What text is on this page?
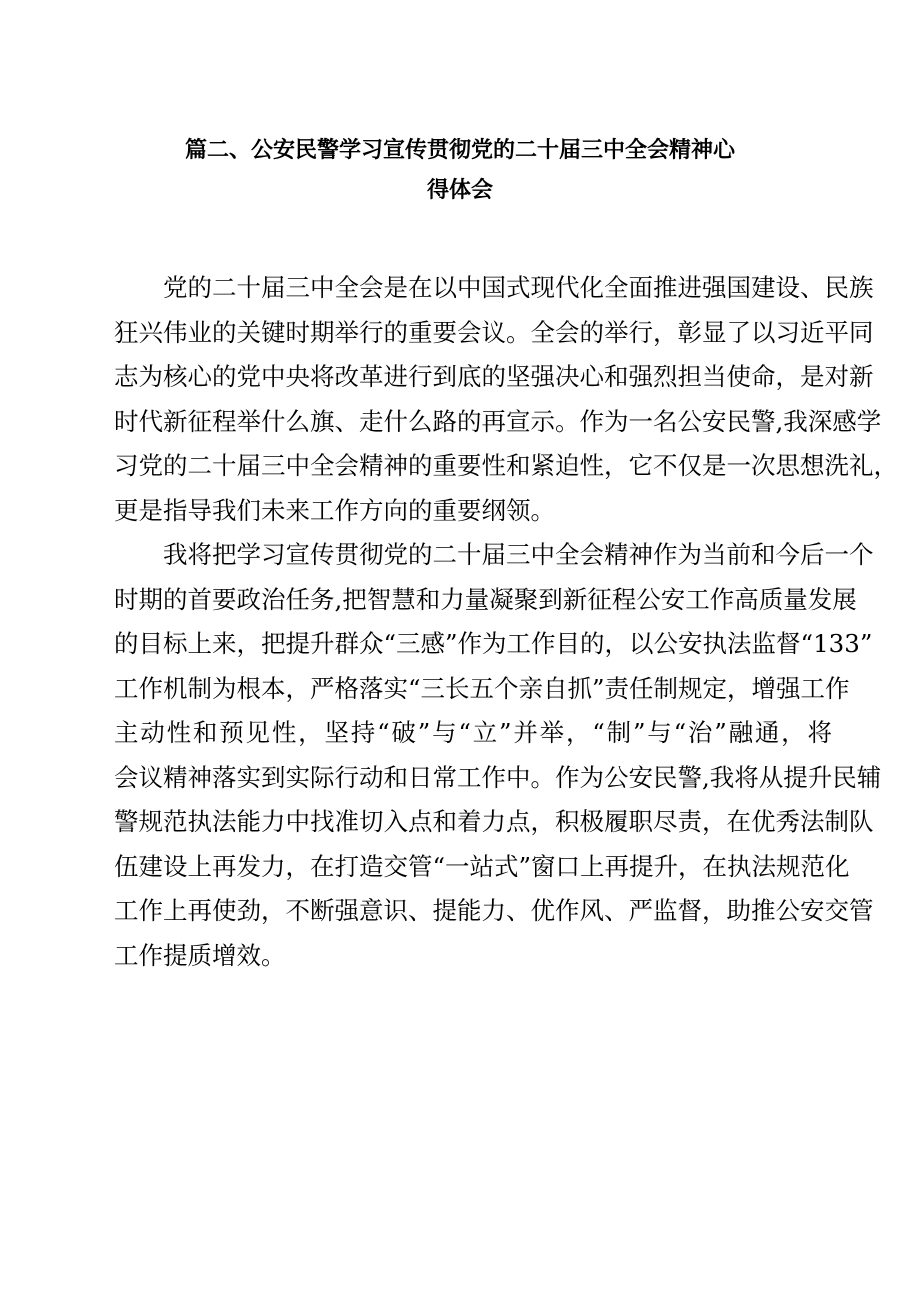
篇二、公安民警学习宣传贯彻党的二十届三中全会精神心
得体会
党的二十届三中全会是在以中国式现代化全面推进强国建设、民族
狂兴伟业的关键时期举行的重要会议。全会的举行，彰显了以习近平同
志为核心的党中央将改革进行到底的坚强决心和强烈担当使命，是对新
时代新征程举什么旗、走什么路的再宣示。作为一名公安民警,我深感学
习党的二十届三中全会精神的重要性和紧迫性，它不仅是一次思想洗礼，
更是指导我们未来工作方向的重要纲领。
我将把学习宣传贯彻党的二十届三中全会精神作为当前和今后一个
时期的首要政治任务,把智慧和力量凝聚到新征程公安工作高质量发展
的目标上来，把提升群众“三感”作为工作目的，以公安执法监督“133”
工作机制为根本，严格落实“三长五个亲自抓”责任制规定，增强工作
主动性和预见性，坚持“破”与“立”并举，“制”与“治”融通，将
会议精神落实到实际行动和日常工作中。作为公安民警,我将从提升民辅
警规范执法能力中找准切入点和着力点，积极履职尽责，在优秀法制队
伍建设上再发力，在打造交管“一站式”窗口上再提升，在执法规范化
工作上再使劲，不断强意识、提能力、优作风、严监督，助推公安交管
工作提质增效。
